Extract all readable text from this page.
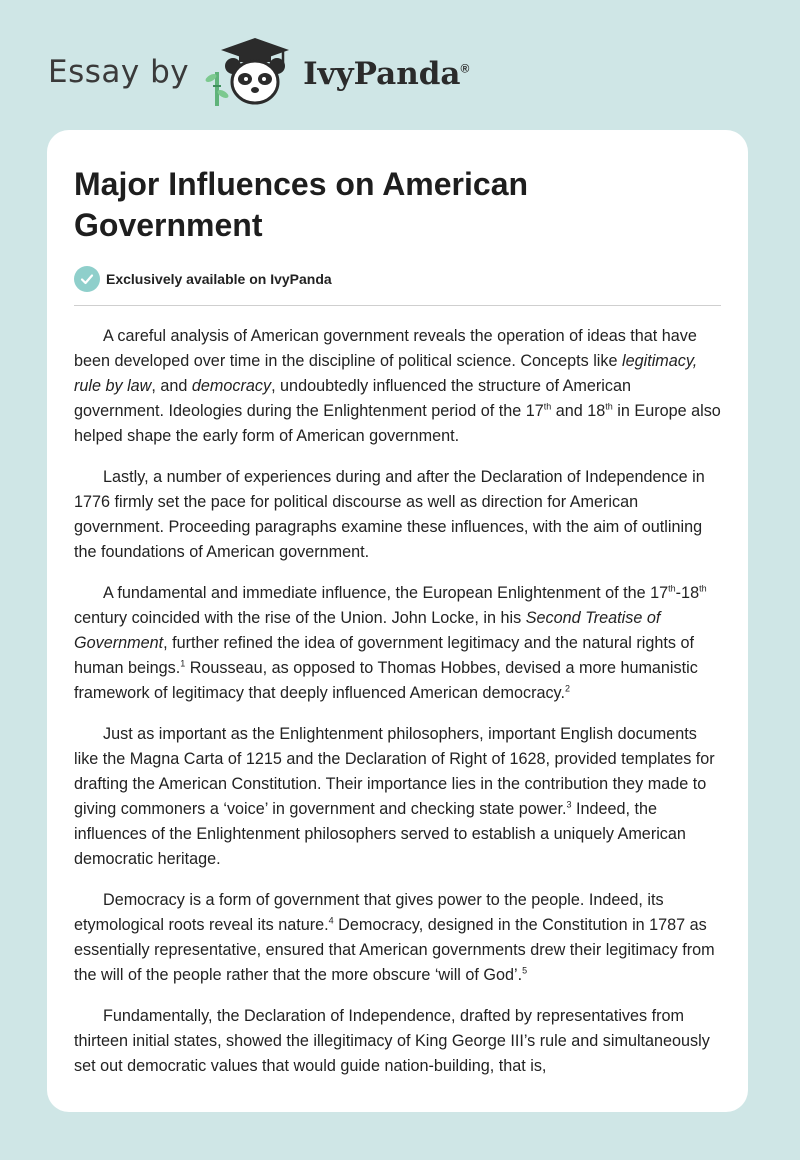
Essay by	IvyPanda®
Major Influences on American Government
Exclusively available on IvyPanda

A careful analysis of American government reveals the operation of ideas that have been developed over time in the discipline of political science. Concepts like legitimacy, rule by law, and democracy, undoubtedly influenced the structure of American government. Ideologies during the Enlightenment period of the 17th and 18th in Europe also helped shape the early form of American government.

Lastly, a number of experiences during and after the Declaration of Independence in 1776 firmly set the pace for political discourse as well as direction for American government. Proceeding paragraphs examine these influences, with the aim of outlining the foundations of American government.

A fundamental and immediate influence, the European Enlightenment of the 17th-18th century coincided with the rise of the Union. John Locke, in his Second Treatise of Government, further refined the idea of government legitimacy and the natural rights of human beings.$^1$ Rousseau, as opposed to Thomas Hobbes, devised a more humanistic framework of legitimacy that deeply influenced American democracy.$^2$

Just as important as the Enlightenment philosophers, important English documents like the Magna Carta of 1215 and the Declaration of Right of 1628, provided templates for drafting the American Constitution. Their importance lies in the contribution they made to giving commoners a ‘voice’ in government and checking state power.$^3$ Indeed, the influences of the Enlightenment philosophers served to establish a uniquely American democratic heritage.

Democracy is a form of government that gives power to the people. Indeed, its etymological roots reveal its nature.$^4$ Democracy, designed in the Constitution in 1787 as essentially representative, ensured that American governments drew their legitimacy from the will of the people rather that the more obscure ‘will of God’.$^5$

Fundamentally, the Declaration of Independence, drafted by representatives from thirteen initial states, showed the illegitimacy of King George III’s rule and simultaneously set out democratic values that would guide nation-building, that is,
